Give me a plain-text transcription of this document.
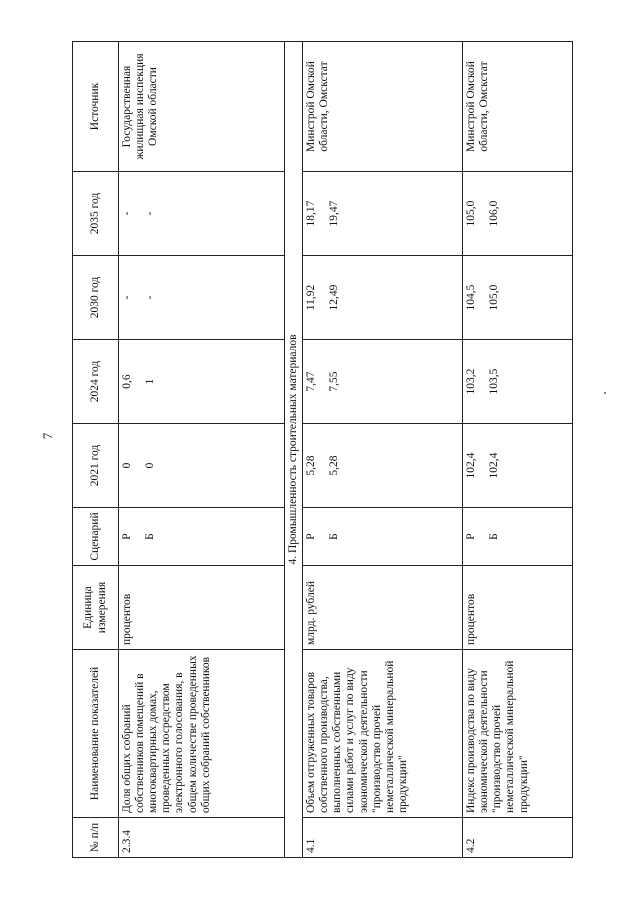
7
№ п/п	Наименование показателей	Единица измерения	Сценарий	2021 год	2024 год	2030 год	2035 год	Источник
2.3.4	Доля общих собраний собственников помещений в многоквартирных домах, проведенных посредством электронного голосования, в общем количестве проведенных общих собраний собственников	процентов	Р Б	0 0	0,6 1	- -	- -	Государственная жилищная инспекция Омской области
4. Промышленность строительных материалов								
4.1	Объем отгруженных товаров собственного производства, выполненных собственными силами работ и услуг по виду экономической деятельности "производство прочей неметаллической минеральной продукции"	млрд. рублей	Р Б	5,28 5,28	7,47 7,55	11,92 12,49	18,17 19,47	Минстрой Омской области, Омскстат
4.2	Индекс производства по виду экономической деятельности "производство прочей неметаллической минеральной продукции"	процентов	Р Б	102,4 102,4	103,2 103,5	104,5 105,0	105,0 106,0	Минстрой Омской области, Омскстат
